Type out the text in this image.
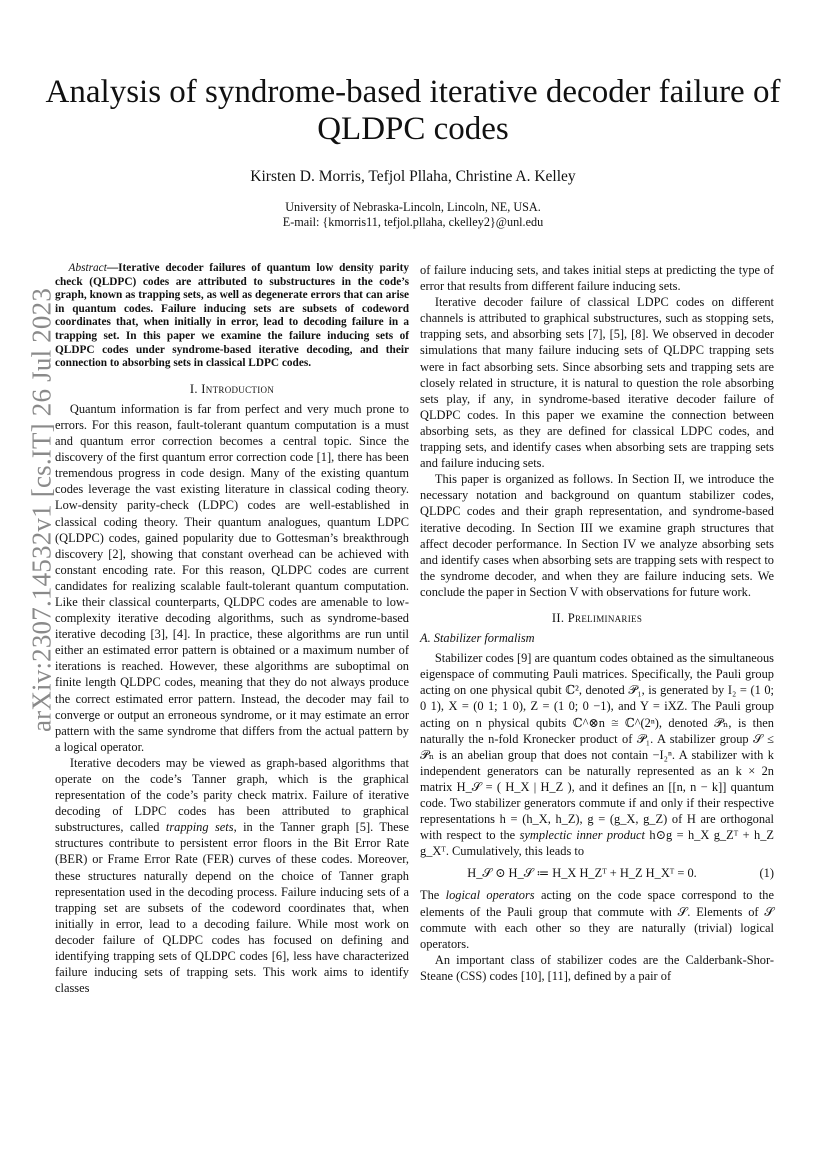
arXiv:2307.14532v1 [cs.IT] 26 Jul 2023
Analysis of syndrome-based iterative decoder failure of QLDPC codes
Kirsten D. Morris, Tefjol Pllaha, Christine A. Kelley
University of Nebraska-Lincoln, Lincoln, NE, USA.
E-mail: {kmorris11, tefjol.pllaha, ckelley2}@unl.edu

Abstract—Iterative decoder failures of quantum low density parity check (QLDPC) codes are attributed to substructures in the code’s graph, known as trapping sets, as well as degenerate errors that can arise in quantum codes. Failure inducing sets are subsets of codeword coordinates that, when initially in error, lead to decoding failure in a trapping set. In this paper we examine the failure inducing sets of QLDPC codes under syndrome-based iterative decoding, and their connection to absorbing sets in classical LDPC codes.

I. Introduction

Quantum information is far from perfect and very much prone to errors. For this reason, fault-tolerant quantum computation is a must and quantum error correction becomes a central topic. Since the discovery of the first quantum error correction code [1], there has been tremendous progress in code design. Many of the existing quantum codes leverage the vast existing literature in classical coding theory. Low-density parity-check (LDPC) codes are well-established in classical coding theory. Their quantum analogues, quantum LDPC (QLDPC) codes, gained popularity due to Gottesman’s breakthrough discovery [2], showing that constant overhead can be achieved with constant encoding rate. For this reason, QLDPC codes are current candidates for realizing scalable fault-tolerant quantum computation. Like their classical counterparts, QLDPC codes are amenable to low-complexity iterative decoding algorithms, such as syndrome-based iterative decoding [3], [4]. In practice, these algorithms are run until either an estimated error pattern is obtained or a maximum number of iterations is reached. However, these algorithms are suboptimal on finite length QLDPC codes, meaning that they do not always produce the correct estimated error pattern. Instead, the decoder may fail to converge or output an erroneous syndrome, or it may estimate an error pattern with the same syndrome that differs from the actual pattern by a logical operator.

Iterative decoders may be viewed as graph-based algorithms that operate on the code’s Tanner graph, which is the graphical representation of the code’s parity check matrix. Failure of iterative decoding of LDPC codes has been attributed to graphical substructures, called trapping sets, in the Tanner graph [5]. These structures contribute to persistent error floors in the Bit Error Rate (BER) or Frame Error Rate (FER) curves of these codes. Moreover, these structures naturally depend on the choice of Tanner graph representation used in the decoding process. Failure inducing sets of a trapping set are subsets of the codeword coordinates that, when initially in error, lead to a decoding failure. While most work on decoder failure of QLDPC codes has focused on defining and identifying trapping sets of QLDPC codes [6], less have characterized failure inducing sets of trapping sets. This work aims to identify classes

of failure inducing sets, and takes initial steps at predicting the type of error that results from different failure inducing sets.

Iterative decoder failure of classical LDPC codes on different channels is attributed to graphical substructures, such as stopping sets, trapping sets, and absorbing sets [7], [5], [8]. We observed in decoder simulations that many failure inducing sets of QLDPC trapping sets were in fact absorbing sets. Since absorbing sets and trapping sets are closely related in structure, it is natural to question the role absorbing sets play, if any, in syndrome-based iterative decoder failure of QLDPC codes. In this paper we examine the connection between absorbing sets, as they are defined for classical LDPC codes, and trapping sets, and identify cases when absorbing sets are trapping sets and failure inducing sets.

This paper is organized as follows. In Section II, we introduce the necessary notation and background on quantum stabilizer codes, QLDPC codes and their graph representation, and syndrome-based iterative decoding. In Section III we examine graph structures that affect decoder performance. In Section IV we analyze absorbing sets and identify cases when absorbing sets are trapping sets with respect to the syndrome decoder, and when they are failure inducing sets. We conclude the paper in Section V with observations for future work.

II. Preliminaries
A. Stabilizer formalism

Stabilizer codes [9] are quantum codes obtained as the simultaneous eigenspace of commuting Pauli matrices. Specifically, the Pauli group acting on one physical qubit ℂ², denoted 𝒫₁, is generated by I₂ = (1 0; 0 1), X = (0 1; 1 0), Z = (1 0; 0 −1), and Y = iXZ. The Pauli group acting on n physical qubits ℂ^⊗n ≅ ℂ^(2ⁿ), denoted 𝒫ₙ, is then naturally the n-fold Kronecker product of 𝒫₁. A stabilizer group 𝒮 ≤ 𝒫ₙ is an abelian group that does not contain −I₂ⁿ. A stabilizer with k independent generators can be naturally represented as an k × 2n matrix H_𝒮 = ( H_X | H_Z ), and it defines an [[n, n − k]] quantum code. Two stabilizer generators commute if and only if their respective representations h = (h_X, h_Z), g = (g_X, g_Z) of H are orthogonal with respect to the symplectic inner product h⊙g = h_X g_Zᵀ + h_Z g_Xᵀ. Cumulatively, this leads to

H_𝒮 ⊙ H_𝒮 ≔ H_X H_Zᵀ + H_Z H_Xᵀ = 0.	(1)

The logical operators acting on the code space correspond to the elements of the Pauli group that commute with 𝒮. Elements of 𝒮 commute with each other so they are naturally (trivial) logical operators.

An important class of stabilizer codes are the Calderbank-Shor-Steane (CSS) codes [10], [11], defined by a pair of
